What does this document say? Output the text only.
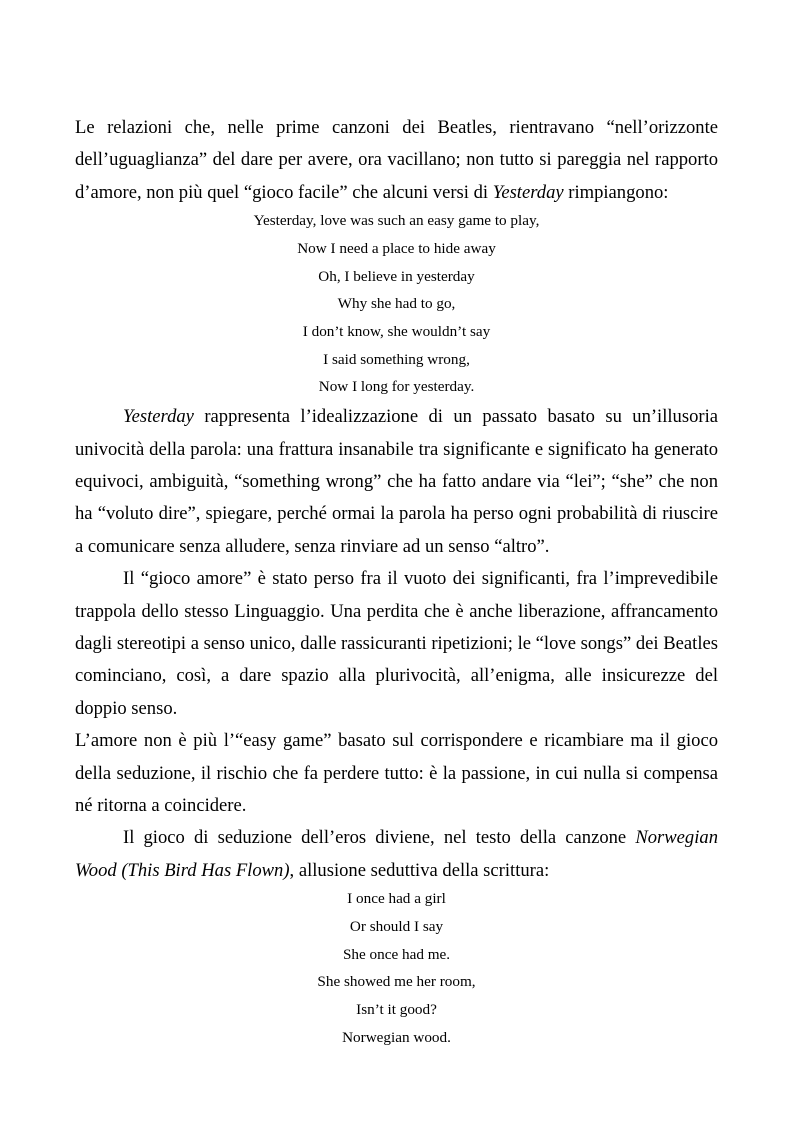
Le relazioni che, nelle prime canzoni dei Beatles, rientravano “nell’orizzonte dell’uguaglianza” del dare per avere, ora vacillano; non tutto si pareggia nel rapporto d’amore, non più quel “gioco facile” che alcuni versi di Yesterday rimpiangono:

Yesterday, love was such an easy game to play,
Now I need a place to hide away
Oh, I believe in yesterday
Why she had to go,
I don’t know, she wouldn’t say
I said something wrong,
Now I long for yesterday.

Yesterday rappresenta l’idealizzazione di un passato basato su un’illusoria univocità della parola: una frattura insanabile tra significante e significato ha generato equivoci, ambiguità, “something wrong” che ha fatto andare via “lei”; “she” che non ha “voluto dire”, spiegare, perché ormai la parola ha perso ogni probabilità di riuscire a comunicare senza alludere, senza rinviare ad un senso “altro”.

Il “gioco amore” è stato perso fra il vuoto dei significanti, fra l’imprevedibile trappola dello stesso Linguaggio. Una perdita che è anche liberazione, affrancamento dagli stereotipi a senso unico, dalle rassicuranti ripetizioni; le “love songs” dei Beatles cominciano, così, a dare spazio alla plurivocità, all’enigma, alle insicurezze del doppio senso.

L’amore non è più l’“easy game” basato sul corrispondere e ricambiare ma il gioco della seduzione, il rischio che fa perdere tutto: è la passione, in cui nulla si compensa né ritorna a coincidere.

Il gioco di seduzione dell’eros diviene, nel testo della canzone Norwegian Wood (This Bird Has Flown), allusione seduttiva della scrittura:

I once had a girl
Or should I say
She once had me.
She showed me her room,
Isn’t it good?
Norwegian wood.
